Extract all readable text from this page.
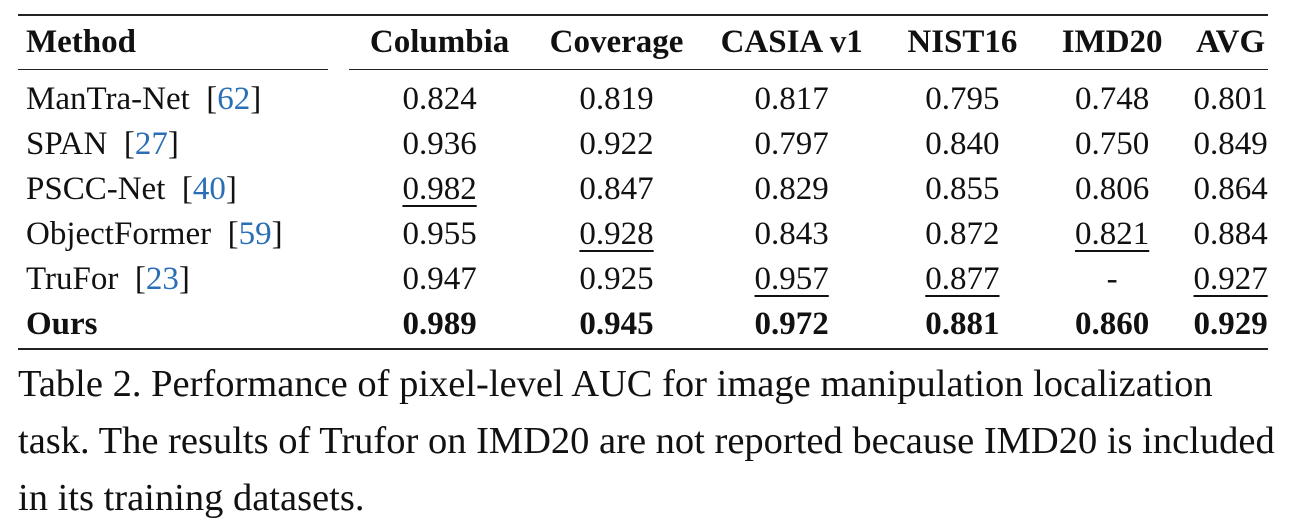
Method	Columbia	Coverage	CASIA v1	NIST16	IMD20	AVG
ManTra-Net  [62]	0.824	0.819	0.817	0.795	0.748	0.801
SPAN  [27]	0.936	0.922	0.797	0.840	0.750	0.849
PSCC-Net  [40]	0.982	0.847	0.829	0.855	0.806	0.864
ObjectFormer  [59]	0.955	0.928	0.843	0.872	0.821	0.884
TruFor  [23]	0.947	0.925	0.957	0.877	-	0.927
Ours	0.989	0.945	0.972	0.881	0.860	0.929
Table 2. Performance of pixel-level AUC for image manipulation localization task. The results of Trufor on IMD20 are not reported because IMD20 is included in its training datasets.
